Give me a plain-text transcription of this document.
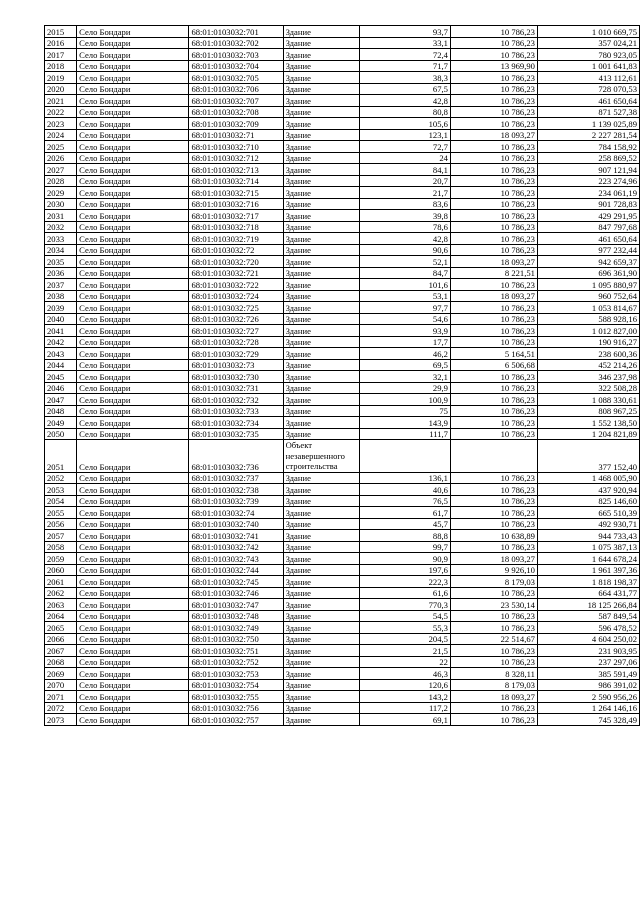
2015	Село Бондари	68:01:0103032:701	Здание	93,7	10 786,23	1 010 669,75
2016	Село Бондари	68:01:0103032:702	Здание	33,1	10 786,23	357 024,21
2017	Село Бондари	68:01:0103032:703	Здание	72,4	10 786,23	780 923,05
2018	Село Бондари	68:01:0103032:704	Здание	71,7	13 969,90	1 001 641,83
2019	Село Бондари	68:01:0103032:705	Здание	38,3	10 786,23	413 112,61
2020	Село Бондари	68:01:0103032:706	Здание	67,5	10 786,23	728 070,53
2021	Село Бондари	68:01:0103032:707	Здание	42,8	10 786,23	461 650,64
2022	Село Бондари	68:01:0103032:708	Здание	80,8	10 786,23	871 527,38
2023	Село Бондари	68:01:0103032:709	Здание	105,6	10 786,23	1 139 025,89
2024	Село Бондари	68:01:0103032:71	Здание	123,1	18 093,27	2 227 281,54
2025	Село Бондари	68:01:0103032:710	Здание	72,7	10 786,23	784 158,92
2026	Село Бондари	68:01:0103032:712	Здание	24	10 786,23	258 869,52
2027	Село Бондари	68:01:0103032:713	Здание	84,1	10 786,23	907 121,94
2028	Село Бондари	68:01:0103032:714	Здание	20,7	10 786,23	223 274,96
2029	Село Бондари	68:01:0103032:715	Здание	21,7	10 786,23	234 061,19
2030	Село Бондари	68:01:0103032:716	Здание	83,6	10 786,23	901 728,83
2031	Село Бондари	68:01:0103032:717	Здание	39,8	10 786,23	429 291,95
2032	Село Бондари	68:01:0103032:718	Здание	78,6	10 786,23	847 797,68
2033	Село Бондари	68:01:0103032:719	Здание	42,8	10 786,23	461 650,64
2034	Село Бондари	68:01:0103032:72	Здание	90,6	10 786,23	977 232,44
2035	Село Бондари	68:01:0103032:720	Здание	52,1	18 093,27	942 659,37
2036	Село Бондари	68:01:0103032:721	Здание	84,7	8 221,51	696 361,90
2037	Село Бондари	68:01:0103032:722	Здание	101,6	10 786,23	1 095 880,97
2038	Село Бондари	68:01:0103032:724	Здание	53,1	18 093,27	960 752,64
2039	Село Бондари	68:01:0103032:725	Здание	97,7	10 786,23	1 053 814,67
2040	Село Бондари	68:01:0103032:726	Здание	54,6	10 786,23	588 928,16
2041	Село Бондари	68:01:0103032:727	Здание	93,9	10 786,23	1 012 827,00
2042	Село Бондари	68:01:0103032:728	Здание	17,7	10 786,23	190 916,27
2043	Село Бондари	68:01:0103032:729	Здание	46,2	5 164,51	238 600,36
2044	Село Бондари	68:01:0103032:73	Здание	69,5	6 506,68	452 214,26
2045	Село Бондари	68:01:0103032:730	Здание	32,1	10 786,23	346 237,98
2046	Село Бондари	68:01:0103032:731	Здание	29,9	10 786,23	322 508,28
2047	Село Бондари	68:01:0103032:732	Здание	100,9	10 786,23	1 088 330,61
2048	Село Бондари	68:01:0103032:733	Здание	75	10 786,23	808 967,25
2049	Село Бондари	68:01:0103032:734	Здание	143,9	10 786,23	1 552 138,50
2050	Село Бондари	68:01:0103032:735	Здание	111,7	10 786,23	1 204 821,89
2051	Село Бондари	68:01:0103032:736	Объект незавершенного строительства			377 152,40
2052	Село Бондари	68:01:0103032:737	Здание	136,1	10 786,23	1 468 005,90
2053	Село Бондари	68:01:0103032:738	Здание	40,6	10 786,23	437 920,94
2054	Село Бондари	68:01:0103032:739	Здание	76,5	10 786,23	825 146,60
2055	Село Бондари	68:01:0103032:74	Здание	61,7	10 786,23	665 510,39
2056	Село Бондари	68:01:0103032:740	Здание	45,7	10 786,23	492 930,71
2057	Село Бондари	68:01:0103032:741	Здание	88,8	10 638,89	944 733,43
2058	Село Бондари	68:01:0103032:742	Здание	99,7	10 786,23	1 075 387,13
2059	Село Бондари	68:01:0103032:743	Здание	90,9	18 093,27	1 644 678,24
2060	Село Бондари	68:01:0103032:744	Здание	197,6	9 926,10	1 961 397,36
2061	Село Бондари	68:01:0103032:745	Здание	222,3	8 179,03	1 818 198,37
2062	Село Бондари	68:01:0103032:746	Здание	61,6	10 786,23	664 431,77
2063	Село Бондари	68:01:0103032:747	Здание	770,3	23 530,14	18 125 266,84
2064	Село Бондари	68:01:0103032:748	Здание	54,5	10 786,23	587 849,54
2065	Село Бондари	68:01:0103032:749	Здание	55,3	10 786,23	596 478,52
2066	Село Бондари	68:01:0103032:750	Здание	204,5	22 514,67	4 604 250,02
2067	Село Бондари	68:01:0103032:751	Здание	21,5	10 786,23	231 903,95
2068	Село Бондари	68:01:0103032:752	Здание	22	10 786,23	237 297,06
2069	Село Бондари	68:01:0103032:753	Здание	46,3	8 328,11	385 591,49
2070	Село Бондари	68:01:0103032:754	Здание	120,6	8 179,03	986 391,02
2071	Село Бондари	68:01:0103032:755	Здание	143,2	18 093,27	2 590 956,26
2072	Село Бондари	68:01:0103032:756	Здание	117,2	10 786,23	1 264 146,16
2073	Село Бондари	68:01:0103032:757	Здание	69,1	10 786,23	745 328,49
